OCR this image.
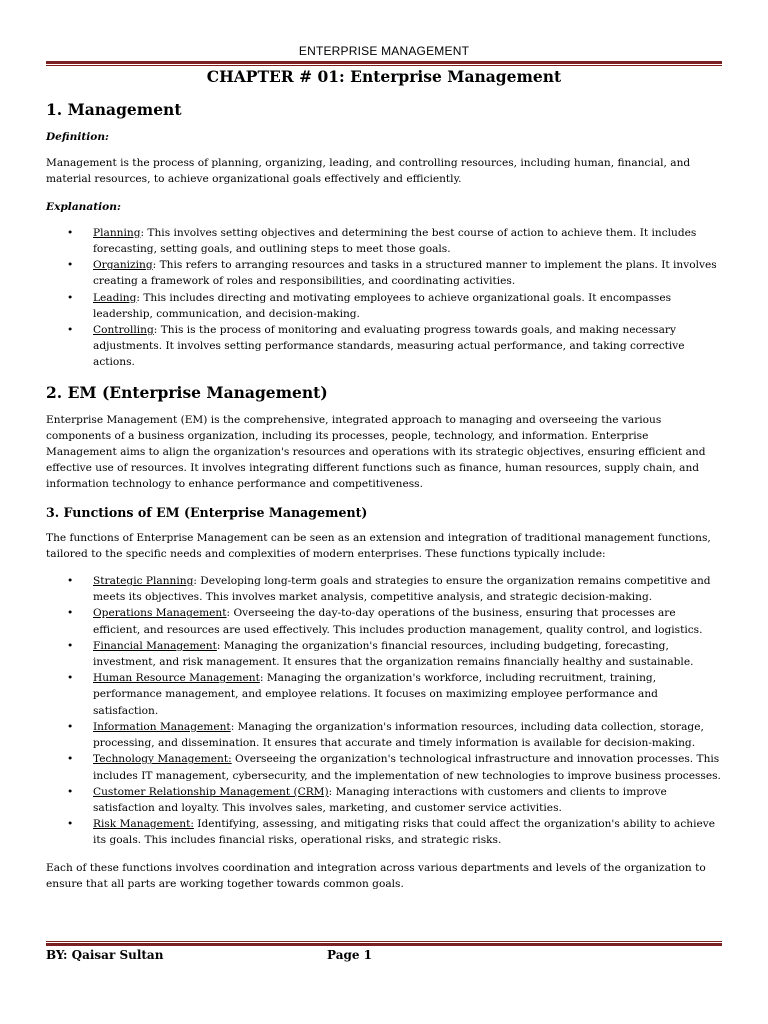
ENTERPRISE MANAGEMENT
CHAPTER # 01: Enterprise Management
1. Management
Definition:

Management is the process of planning, organizing, leading, and controlling resources, including human, financial, and material resources, to achieve organizational goals effectively and efficiently.

Explanation:
• Planning: This involves setting objectives and determining the best course of action to achieve them. It includes forecasting, setting goals, and outlining steps to meet those goals.
• Organizing: This refers to arranging resources and tasks in a structured manner to implement the plans. It involves creating a framework of roles and responsibilities, and coordinating activities.
• Leading: This includes directing and motivating employees to achieve organizational goals. It encompasses leadership, communication, and decision-making.
• Controlling: This is the process of monitoring and evaluating progress towards goals, and making necessary adjustments. It involves setting performance standards, measuring actual performance, and taking corrective actions.
2. EM (Enterprise Management)

Enterprise Management (EM) is the comprehensive, integrated approach to managing and overseeing the various components of a business organization, including its processes, people, technology, and information. Enterprise Management aims to align the organization's resources and operations with its strategic objectives, ensuring efficient and effective use of resources. It involves integrating different functions such as finance, human resources, supply chain, and information technology to enhance performance and competitiveness.

3. Functions of EM (Enterprise Management)

The functions of Enterprise Management can be seen as an extension and integration of traditional management functions, tailored to the specific needs and complexities of modern enterprises. These functions typically include:

• Strategic Planning: Developing long-term goals and strategies to ensure the organization remains competitive and meets its objectives. This involves market analysis, competitive analysis, and strategic decision-making.
• Operations Management: Overseeing the day-to-day operations of the business, ensuring that processes are efficient, and resources are used effectively. This includes production management, quality control, and logistics.
• Financial Management: Managing the organization's financial resources, including budgeting, forecasting, investment, and risk management. It ensures that the organization remains financially healthy and sustainable.
• Human Resource Management: Managing the organization's workforce, including recruitment, training, performance management, and employee relations. It focuses on maximizing employee performance and satisfaction.
• Information Management: Managing the organization's information resources, including data collection, storage, processing, and dissemination. It ensures that accurate and timely information is available for decision-making.
• Technology Management: Overseeing the organization's technological infrastructure and innovation processes. This includes IT management, cybersecurity, and the implementation of new technologies to improve business processes.
• Customer Relationship Management (CRM): Managing interactions with customers and clients to improve satisfaction and loyalty. This involves sales, marketing, and customer service activities.
• Risk Management: Identifying, assessing, and mitigating risks that could affect the organization's ability to achieve its goals. This includes financial risks, operational risks, and strategic risks.

Each of these functions involves coordination and integration across various departments and levels of the organization to ensure that all parts are working together towards common goals.

BY: Qaisar Sultan	Page 1
